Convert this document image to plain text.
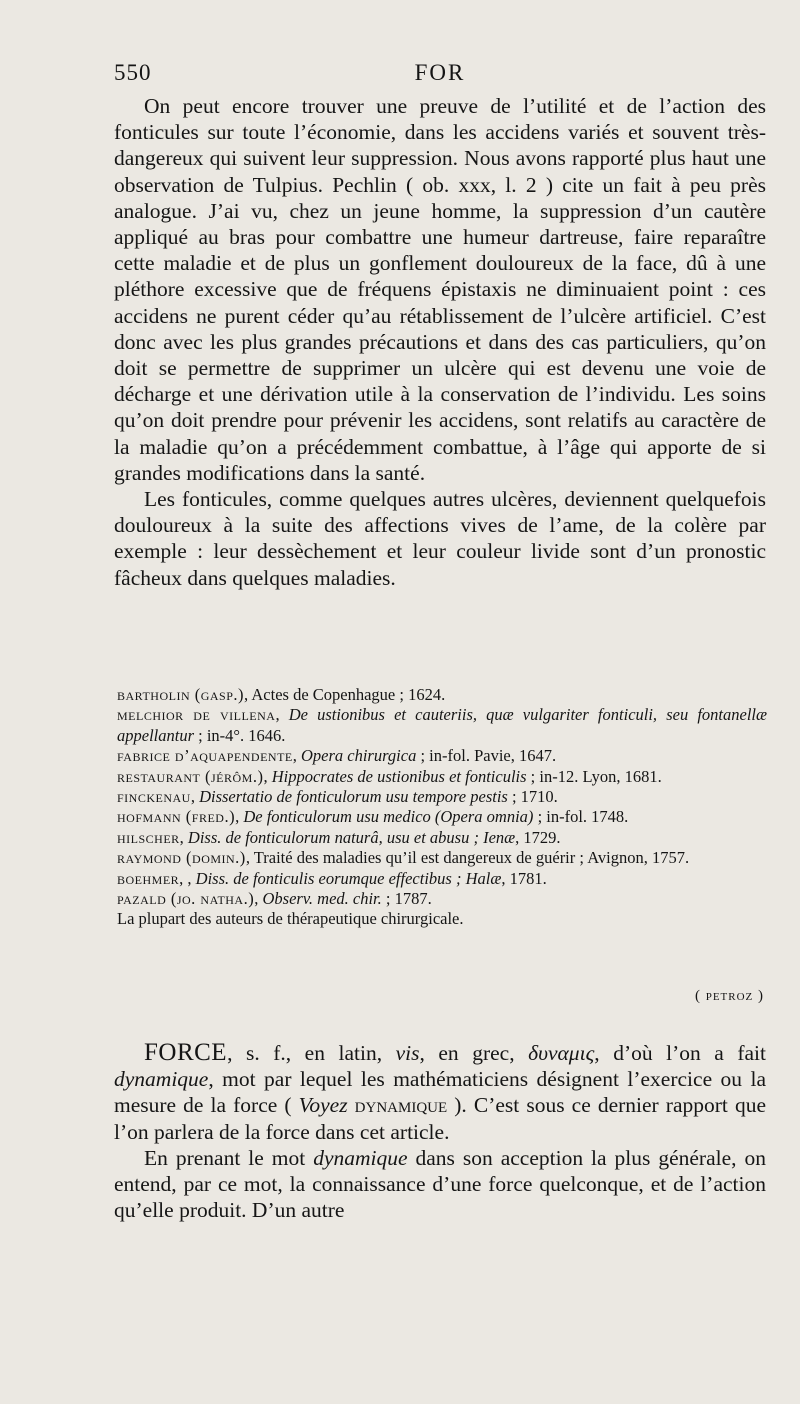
550	FOR

On peut encore trouver une preuve de l’utilité et de l’action des fonticules sur toute l’économie, dans les accidens variés et souvent très-dangereux qui suivent leur suppression. Nous avons rapporté plus haut une observation de Tulpius. Pechlin ( ob. xxx, l. 2 ) cite un fait à peu près analogue. J’ai vu, chez un jeune homme, la suppression d’un cautère appliqué au bras pour combattre une humeur dartreuse, faire reparaître cette maladie et de plus un gonflement douloureux de la face, dû à une pléthore excessive que de fréquens épistaxis ne diminuaient point : ces accidens ne purent céder qu’au rétablissement de l’ulcère artificiel. C’est donc avec les plus grandes précautions et dans des cas particuliers, qu’on doit se permettre de supprimer un ulcère qui est devenu une voie de décharge et une dérivation utile à la conservation de l’individu. Les soins qu’on doit prendre pour prévenir les accidens, sont relatifs au caractère de la maladie qu’on a précédemment combattue, à l’âge qui apporte de si grandes modifications dans la santé.

Les fonticules, comme quelques autres ulcères, deviennent quelquefois douloureux à la suite des affections vives de l’ame, de la colère par exemple : leur dessèchement et leur couleur livide sont d’un pronostic fâcheux dans quelques maladies.

bartholin (gasp.), Actes de Copenhague ; 1624.
melchior de villena, De ustionibus et cauteriis, quæ vulgariter fonticuli, seu fontanellæ appellantur ; in-4°. 1646.
fabrice d’aquapendente, Opera chirurgica ; in-fol. Pavie, 1647.
restaurant (jérôm.), Hippocrates de ustionibus et fonticulis ; in-12. Lyon, 1681.
finckenau, Dissertatio de fonticulorum usu tempore pestis ; 1710.
hofmann (fred.), De fonticulorum usu medico (Opera omnia) ; in-fol. 1748.
hilscher, Diss. de fonticulorum naturâ, usu et abusu ; Ienæ, 1729.
raymond (domin.), Traité des maladies qu’il est dangereux de guérir ; Avignon, 1757.
boehmer, , Diss. de fonticulis eorumque effectibus ; Halæ, 1781.
pazald (jo. natha.), Observ. med. chir. ; 1787.
La plupart des auteurs de thérapeutique chirurgicale.
( petroz )

FORCE, s. f., en latin, vis, en grec, δυναμις, d’où l’on a fait dynamique, mot par lequel les mathématiciens désignent l’exercice ou la mesure de la force ( Voyez dynamique ). C’est sous ce dernier rapport que l’on parlera de la force dans cet article.

En prenant le mot dynamique dans son acception la plus générale, on entend, par ce mot, la connaissance d’une force quelconque, et de l’action qu’elle produit. D’un autre
